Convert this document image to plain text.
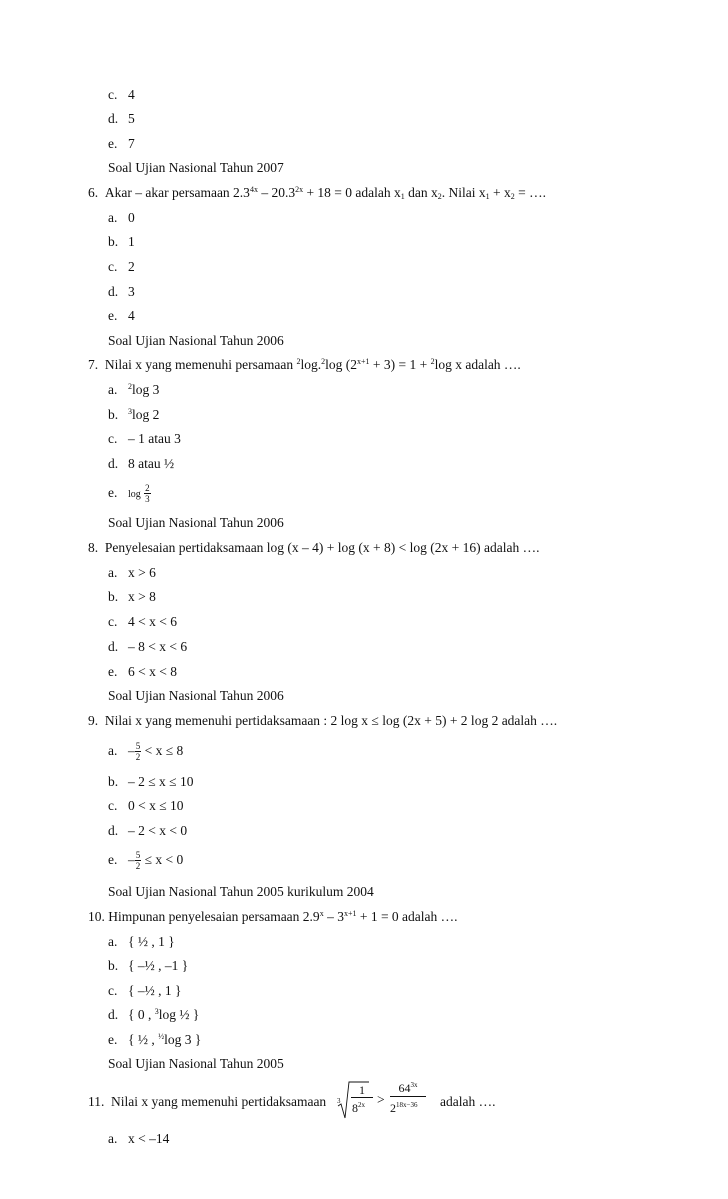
c. 4
d. 5
e. 7
Soal Ujian Nasional Tahun 2007
6. Akar – akar persamaan $2.3^{4x} - 20.3^{2x} + 18 = 0$ adalah $x_1$ dan $x_2$. Nilai $x_1 + x_2$ = ….
a. 0
b. 1
c. 2
d. 3
e. 4
Soal Ujian Nasional Tahun 2006
7. Nilai x yang memenuhi persamaan $^2$log.$^2$log $(2^{x+1} + 3) = 1 + ^2\log$ x adalah ….
a. $^2$log 3
b. $^3$log 2
c. – 1 atau 3
d. 8 atau ½
e. $\log \frac{2}{3}$
Soal Ujian Nasional Tahun 2006
8. Penyelesaian pertidaksamaan log (x – 4) + log (x + 8) < log (2x + 16) adalah ….
a. x > 6
b. x > 8
c. 4 < x < 6
d. – 8 < x < 6
e. 6 < x < 8
Soal Ujian Nasional Tahun 2006
9. Nilai x yang memenuhi pertidaksamaan : 2 log x ≤ log (2x + 5) + 2 log 2 adalah ….
a. – $\frac{5}{2} < x \le 8$
b. – 2 ≤ x ≤ 10
c. 0 < x ≤ 10
d. – 2 < x < 0
e. – $\frac{5}{2} \le x < 0$
Soal Ujian Nasional Tahun 2005 kurikulum 2004
10. Himpunan penyelesaian persamaan $2.9^x - 3^{x+1} + 1 = 0$ adalah ….
a. { ½ , 1 }
b. { –½ , –1 }
c. { –½ , 1 }
d. { 0 , $^3$log ½ }
e. { ½ , $^{\frac{1}{2}}$log 3 }
Soal Ujian Nasional Tahun 2005
11. Nilai x yang memenuhi pertidaksamaan 3
1
$8^{2x}$ >
$64^{3x}$
$2^{18x-36}$ adalah ….
a. x < –14
